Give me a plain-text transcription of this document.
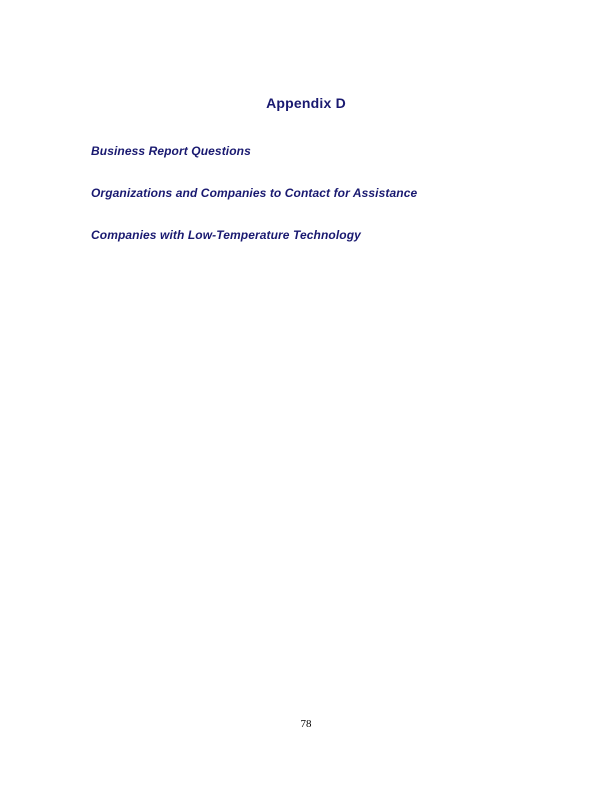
Appendix D
Business Report Questions
Organizations and Companies to Contact for Assistance
Companies with Low-Temperature Technology
78
